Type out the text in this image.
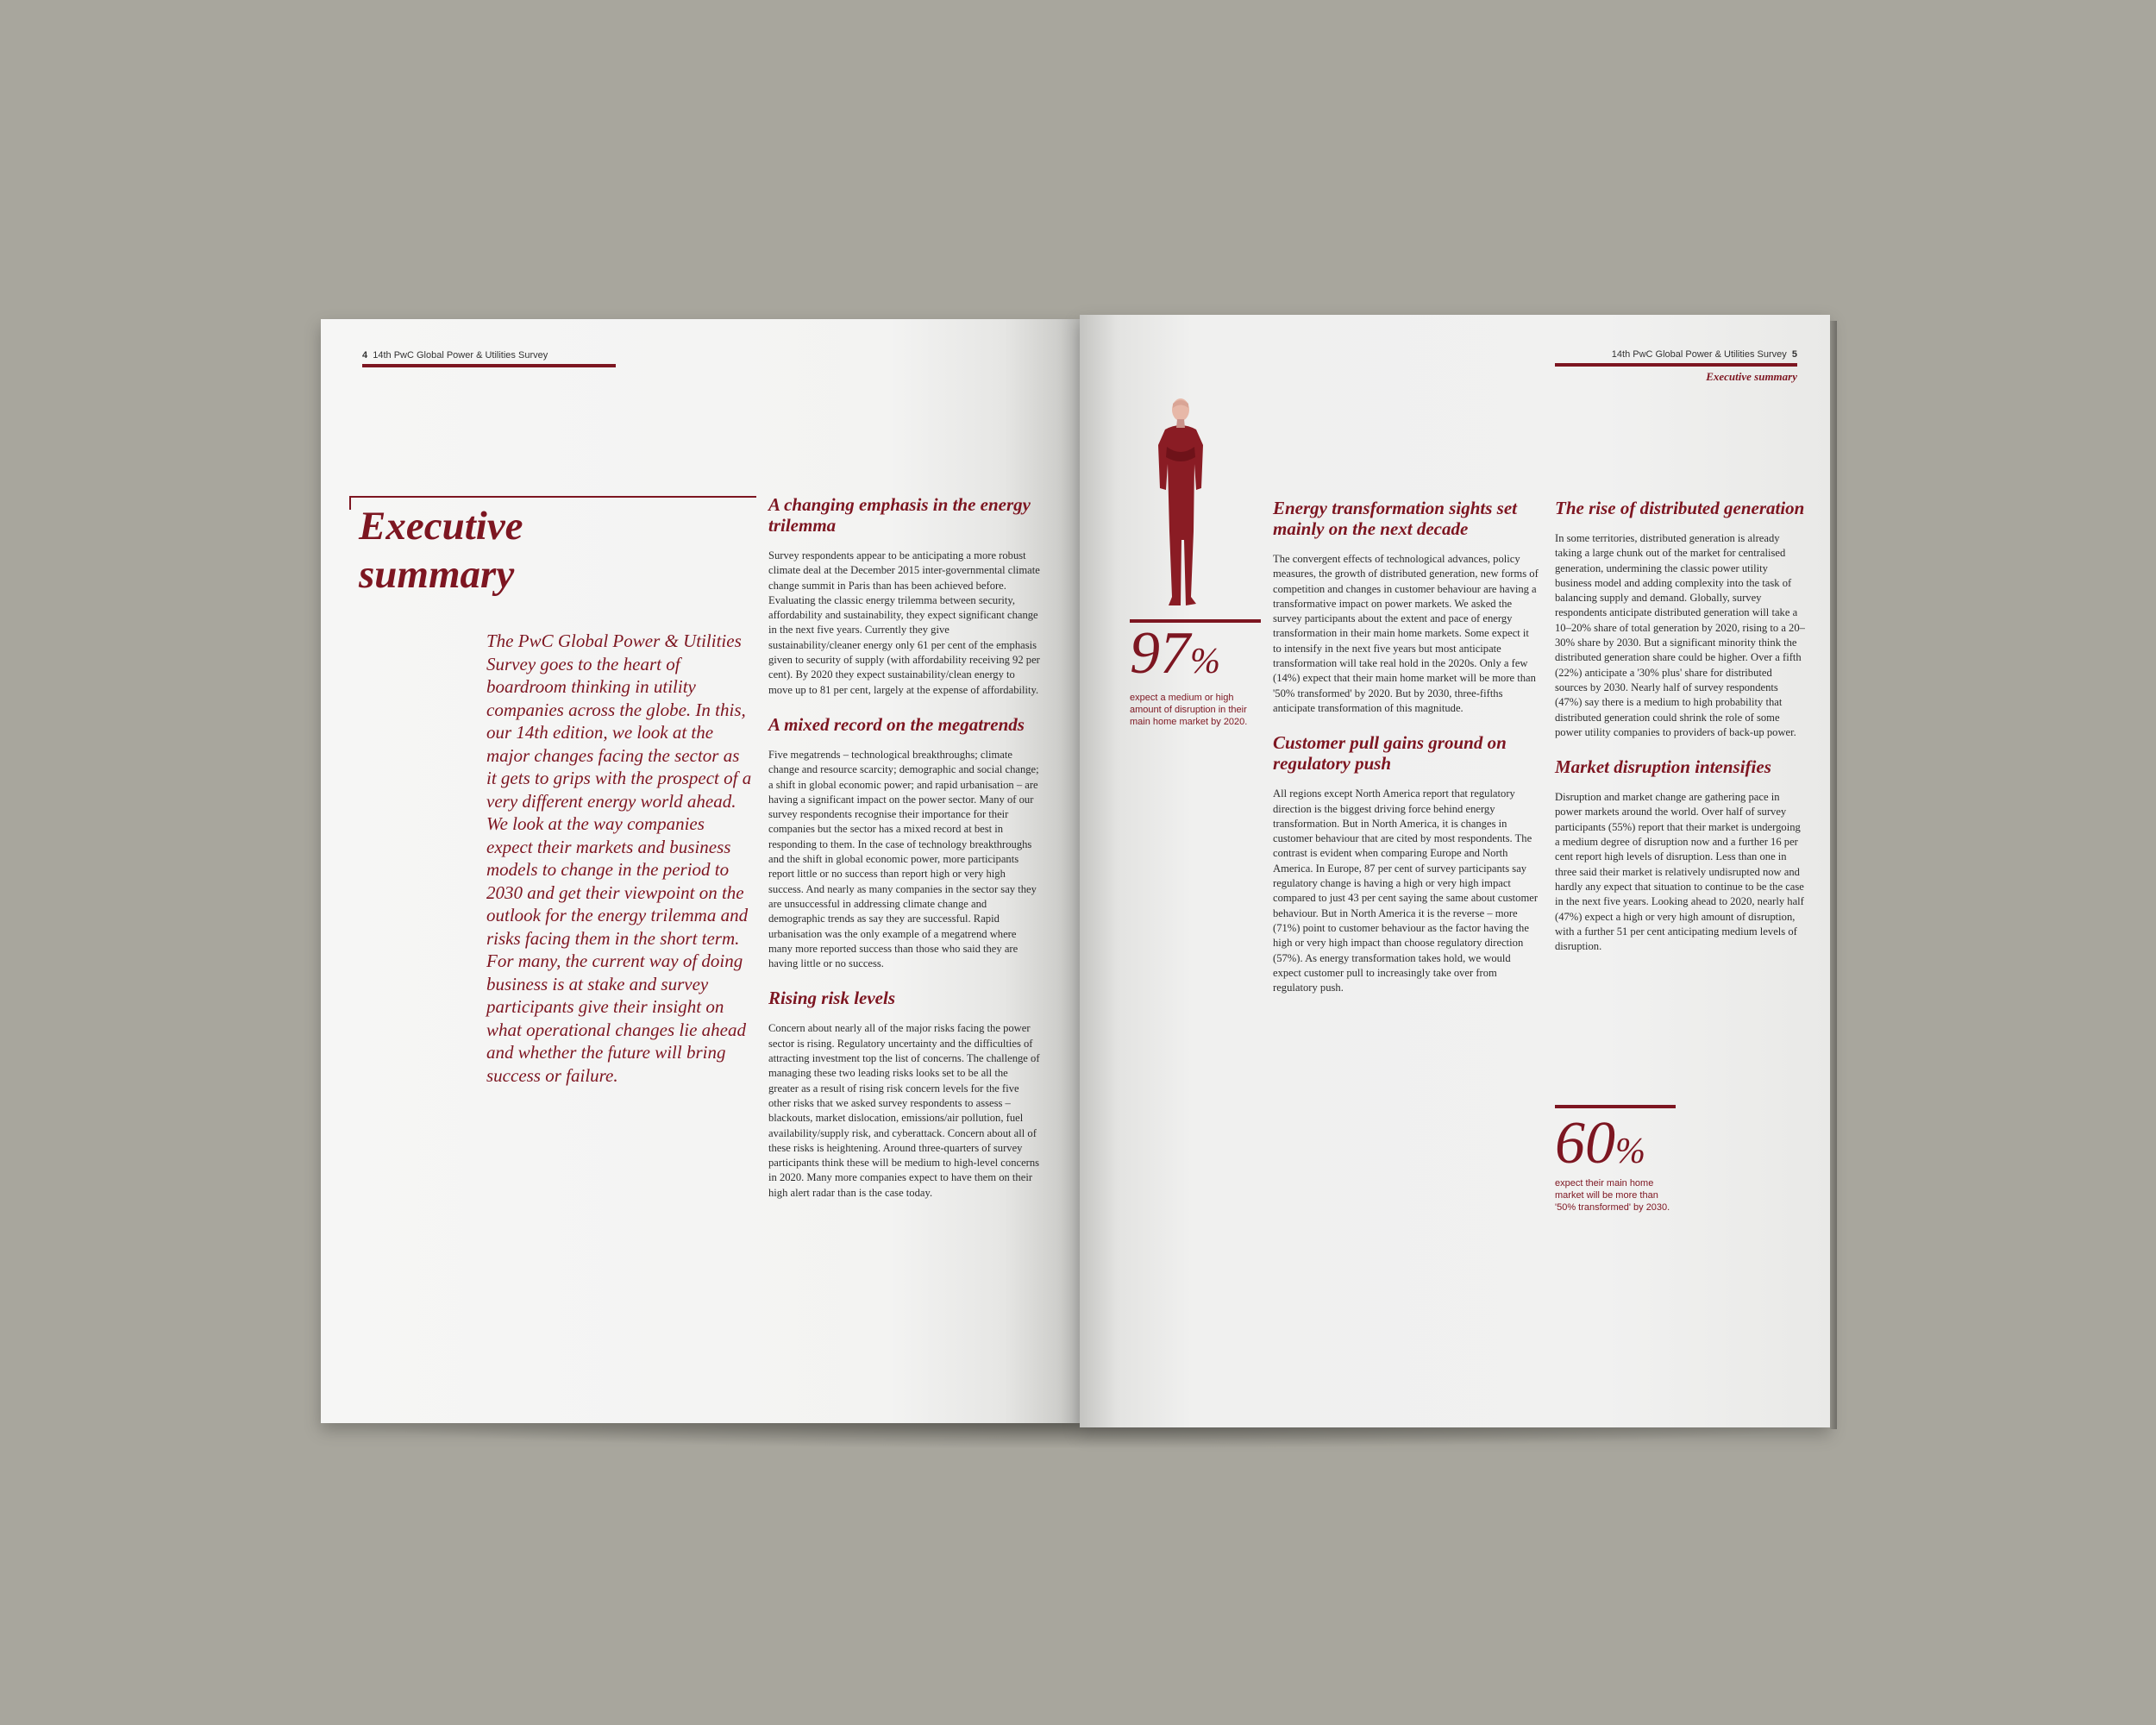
4 14th PwC Global Power & Utilities Survey

Executive

summary

The PwC Global Power & Utilities Survey goes to the heart of boardroom thinking in utility companies across the globe. In this, our 14th edition, we look at the major changes facing the sector as it gets to grips with the prospect of a very different energy world ahead. We look at the way companies expect their markets and business models to change in the period to 2030 and get their viewpoint on the outlook for the energy trilemma and risks facing them in the short term. For many, the current way of doing business is at stake and survey participants give their insight on what operational changes lie ahead and whether the future will bring success or failure.

A changing emphasis in the energy trilemma

Survey respondents appear to be anticipating a more robust climate deal at the December 2015 inter-governmental climate change summit in Paris than has been achieved before. Evaluating the classic energy trilemma between security, affordability and sustainability, they expect significant change in the next five years. Currently they give sustainability/cleaner energy only 61 per cent of the emphasis given to security of supply (with affordability receiving 92 per cent). By 2020 they expect sustainability/clean energy to move up to 81 per cent, largely at the expense of affordability.

A mixed record on the megatrends

Five megatrends – technological breakthroughs; climate change and resource scarcity; demographic and social change; a shift in global economic power; and rapid urbanisation – are having a significant impact on the power sector. Many of our survey respondents recognise their importance for their companies but the sector has a mixed record at best in responding to them. In the case of technology breakthroughs and the shift in global economic power, more participants report little or no success than report high or very high success. And nearly as many companies in the sector say they are unsuccessful in addressing climate change and demographic trends as say they are successful. Rapid urbanisation was the only example of a megatrend where many more reported success than those who said they are having little or no success.

Rising risk levels

Concern about nearly all of the major risks facing the power sector is rising. Regulatory uncertainty and the difficulties of attracting investment top the list of concerns. The challenge of managing these two leading risks looks set to be all the greater as a result of rising risk concern levels for the five other risks that we asked survey respondents to assess – blackouts, market dislocation, emissions/air pollution, fuel availability/supply risk, and cyberattack. Concern about all of these risks is heightening. Around three-quarters of survey participants think these will be medium to high-level concerns in 2020. Many more companies expect to have them on their high alert radar than is the case today.

14th PwC Global Power & Utilities Survey 5
Executive summary
97%

expect a medium or high amount of disruption in their main home market by 2020.

Energy transformation sights set mainly on the next decade

The convergent effects of technological advances, policy measures, the growth of distributed generation, new forms of competition and changes in customer behaviour are having a transformative impact on power markets. We asked the survey participants about the extent and pace of energy transformation in their main home markets. Some expect it to intensify in the next five years but most anticipate transformation will take real hold in the 2020s. Only a few (14%) expect that their main home market will be more than '50% transformed' by 2020. But by 2030, three-fifths anticipate transformation of this magnitude.

Customer pull gains ground on regulatory push

All regions except North America report that regulatory direction is the biggest driving force behind energy transformation. But in North America, it is changes in customer behaviour that are cited by most respondents. The contrast is evident when comparing Europe and North America. In Europe, 87 per cent of survey participants say regulatory change is having a high or very high impact compared to just 43 per cent saying the same about customer behaviour. But in North America it is the reverse – more (71%) point to customer behaviour as the factor having the high or very high impact than choose regulatory direction (57%). As energy transformation takes hold, we would expect customer pull to increasingly take over from regulatory push.

The rise of distributed generation

In some territories, distributed generation is already taking a large chunk out of the market for centralised generation, undermining the classic power utility business model and adding complexity into the task of balancing supply and demand. Globally, survey respondents anticipate distributed generation will take a 10–20% share of total generation by 2020, rising to a 20–30% share by 2030. But a significant minority think the distributed generation share could be higher. Over a fifth (22%) anticipate a '30% plus' share for distributed sources by 2030. Nearly half of survey respondents (47%) say there is a medium to high probability that distributed generation could shrink the role of some power utility companies to providers of back-up power.

Market disruption intensifies

Disruption and market change are gathering pace in power markets around the world. Over half of survey participants (55%) report that their market is undergoing a medium degree of disruption now and a further 16 per cent report high levels of disruption. Less than one in three said their market is relatively undisrupted now and hardly any expect that situation to continue to be the case in the next five years. Looking ahead to 2020, nearly half (47%) expect a high or very high amount of disruption, with a further 51 per cent anticipating medium levels of disruption.

60%

expect their main home market will be more than '50% transformed' by 2030.
